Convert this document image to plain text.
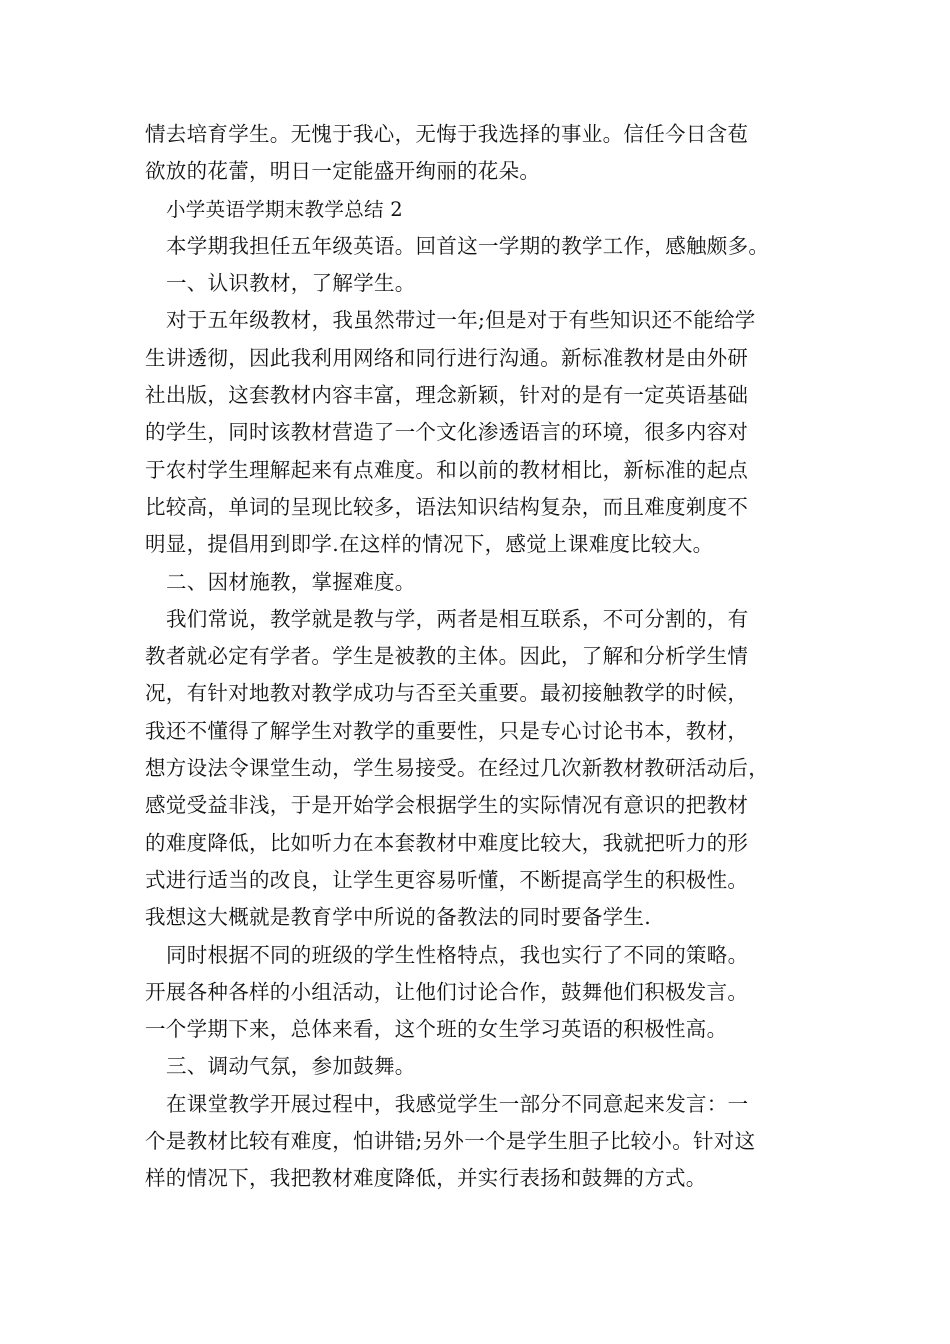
情去培育学生。无愧于我心，无悔于我选择的事业。信任今日含苞
欲放的花蕾，明日一定能盛开绚丽的花朵。
小学英语学期末教学总结 2
本学期我担任五年级英语。回首这一学期的教学工作，感触颇多。
一、认识教材，了解学生。
对于五年级教材，我虽然带过一年;但是对于有些知识还不能给学
生讲透彻，因此我利用网络和同行进行沟通。新标准教材是由外研
社出版，这套教材内容丰富，理念新颖，针对的是有一定英语基础
的学生，同时该教材营造了一个文化渗透语言的环境，很多内容对
于农村学生理解起来有点难度。和以前的教材相比，新标准的起点
比较高，单词的呈现比较多，语法知识结构复杂，而且难度剃度不
明显，提倡用到即学.在这样的情况下，感觉上课难度比较大。
二、因材施教，掌握难度。
我们常说，教学就是教与学，两者是相互联系，不可分割的，有
教者就必定有学者。学生是被教的主体。因此，了解和分析学生情
况，有针对地教对教学成功与否至关重要。最初接触教学的时候，
我还不懂得了解学生对教学的重要性，只是专心讨论书本，教材，
想方设法令课堂生动，学生易接受。在经过几次新教材教研活动后，
感觉受益非浅，于是开始学会根据学生的实际情况有意识的把教材
的难度降低，比如听力在本套教材中难度比较大，我就把听力的形
式进行适当的改良，让学生更容易听懂，不断提高学生的积极性。
我想这大概就是教育学中所说的备教法的同时要备学生.
同时根据不同的班级的学生性格特点，我也实行了不同的策略。
开展各种各样的小组活动，让他们讨论合作，鼓舞他们积极发言。
一个学期下来，总体来看，这个班的女生学习英语的积极性高。
三、调动气氛，参加鼓舞。
在课堂教学开展过程中，我感觉学生一部分不同意起来发言：一
个是教材比较有难度，怕讲错;另外一个是学生胆子比较小。针对这
样的情况下，我把教材难度降低，并实行表扬和鼓舞的方式。
